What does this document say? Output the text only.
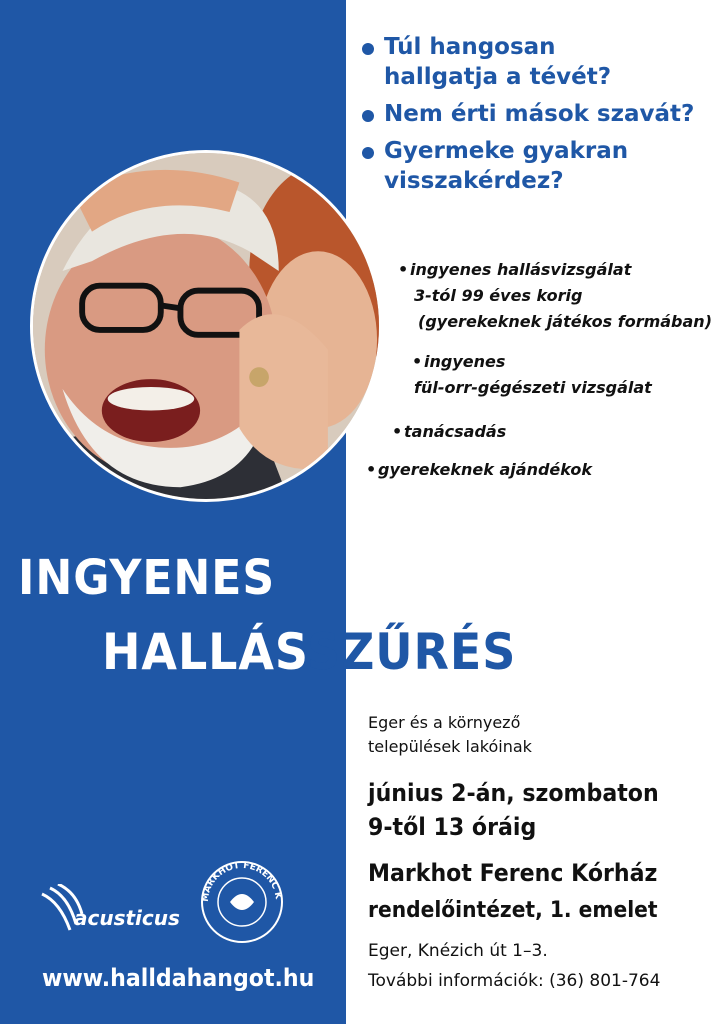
Túl hangosan
hallgatja a tévét?
Nem érti mások szavát?
Gyermeke gyakran
visszakérdez?
• ingyenes hallásvizsgálat
3-tól 99 éves korig
(gyerekeknek játékos formában)
• ingyenes
fül-orr-gégészeti vizsgálat
• tanácsadás
• gyerekeknek ajándékok
INGYENES
HALLÁSSZŰRÉS
Eger és a környező
települések lakóinak
június 2-án, szombaton
9-től 13 óráig
Markhot Ferenc Kórház
rendelőintézet, 1. emelet
Eger, Knézich út 1–3.
További információk: (36) 801-764
acusticus
MARKHOT FERENC K
www.halldahangot.hu
